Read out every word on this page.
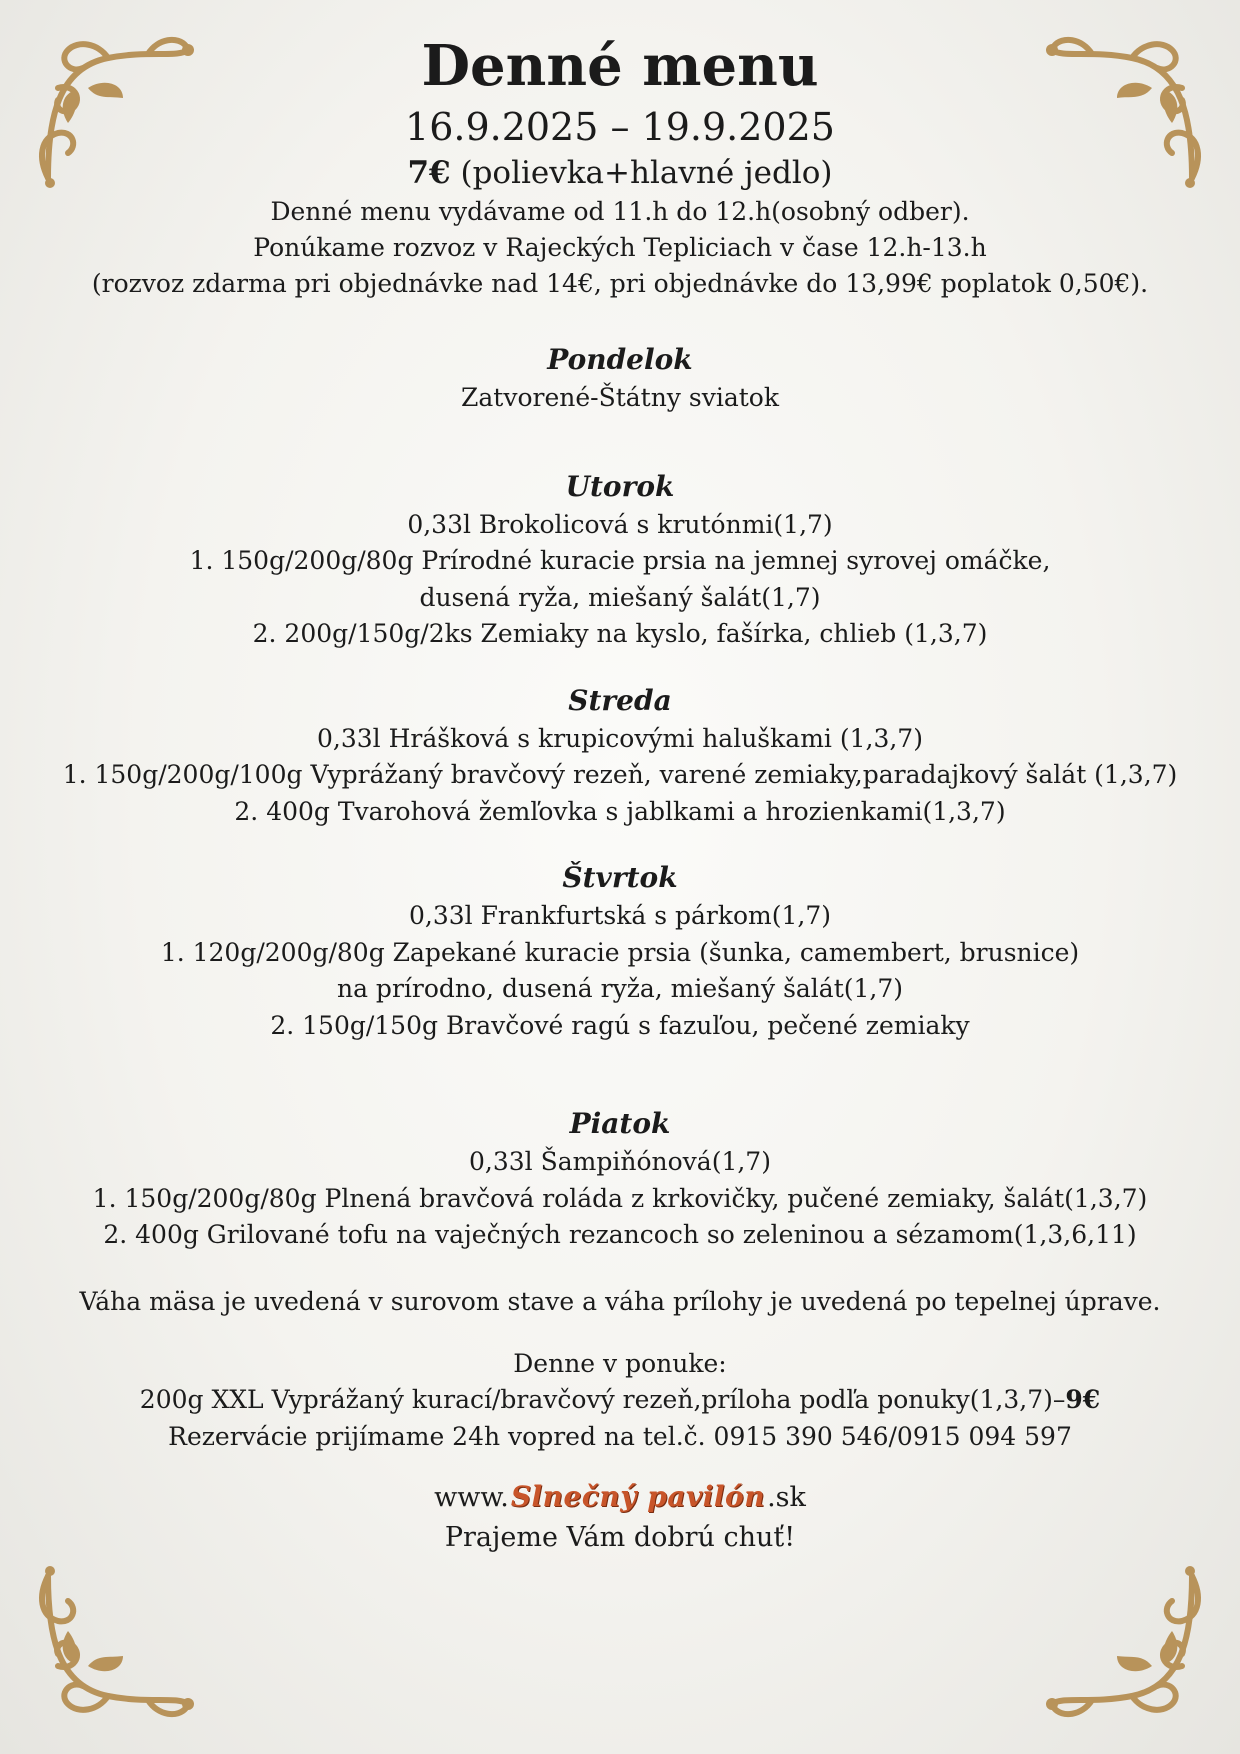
Denné menu
16.9.2025 – 19.9.2025
7€ (polievka+hlavné jedlo)
Denné menu vydávame od 11.h do 12.h(osobný odber).
Ponúkame rozvoz v Rajeckých Tepliciach v čase 12.h-13.h
(rozvoz zdarma pri objednávke nad 14€, pri objednávke do 13,99€ poplatok 0,50€).
Pondelok
Zatvorené-Štátny sviatok
Utorok
0,33l Brokolicová s krutónmi(1,7)
1. 150g/200g/80g Prírodné kuracie prsia na jemnej syrovej omáčke,
dusená ryža, miešaný šalát(1,7)
2. 200g/150g/2ks Zemiaky na kyslo, fašírka, chlieb (1,3,7)
Streda
0,33l Hrášková s krupicovými haluškami (1,3,7)
1. 150g/200g/100g Vyprážaný bravčový rezeň, varené zemiaky,paradajkový šalát (1,3,7)
2. 400g Tvarohová žemľovka s jablkami a hrozienkami(1,3,7)
Štvrtok
0,33l Frankfurtská s párkom(1,7)
1. 120g/200g/80g Zapekané kuracie prsia (šunka, camembert, brusnice)
na prírodno, dusená ryža, miešaný šalát(1,7)
2. 150g/150g Bravčové ragú s fazuľou, pečené zemiaky
Piatok
0,33l Šampiňónová(1,7)
1. 150g/200g/80g Plnená bravčová roláda z krkovičky, pučené zemiaky, šalát(1,3,7)
2. 400g Grilované tofu na vaječných rezancoch so zeleninou a sézamom(1,3,6,11)
Váha mäsa je uvedená v surovom stave a váha prílohy je uvedená po tepelnej úprave.
Denne v ponuke:
200g XXL Vyprážaný kurací/bravčový rezeň,príloha podľa ponuky(1,3,7)–9€
Rezervácie prijímame 24h vopred na tel.č. 0915 390 546/0915 094 597
www.Slnečný pavilón.sk
Prajeme Vám dobrú chuť!
